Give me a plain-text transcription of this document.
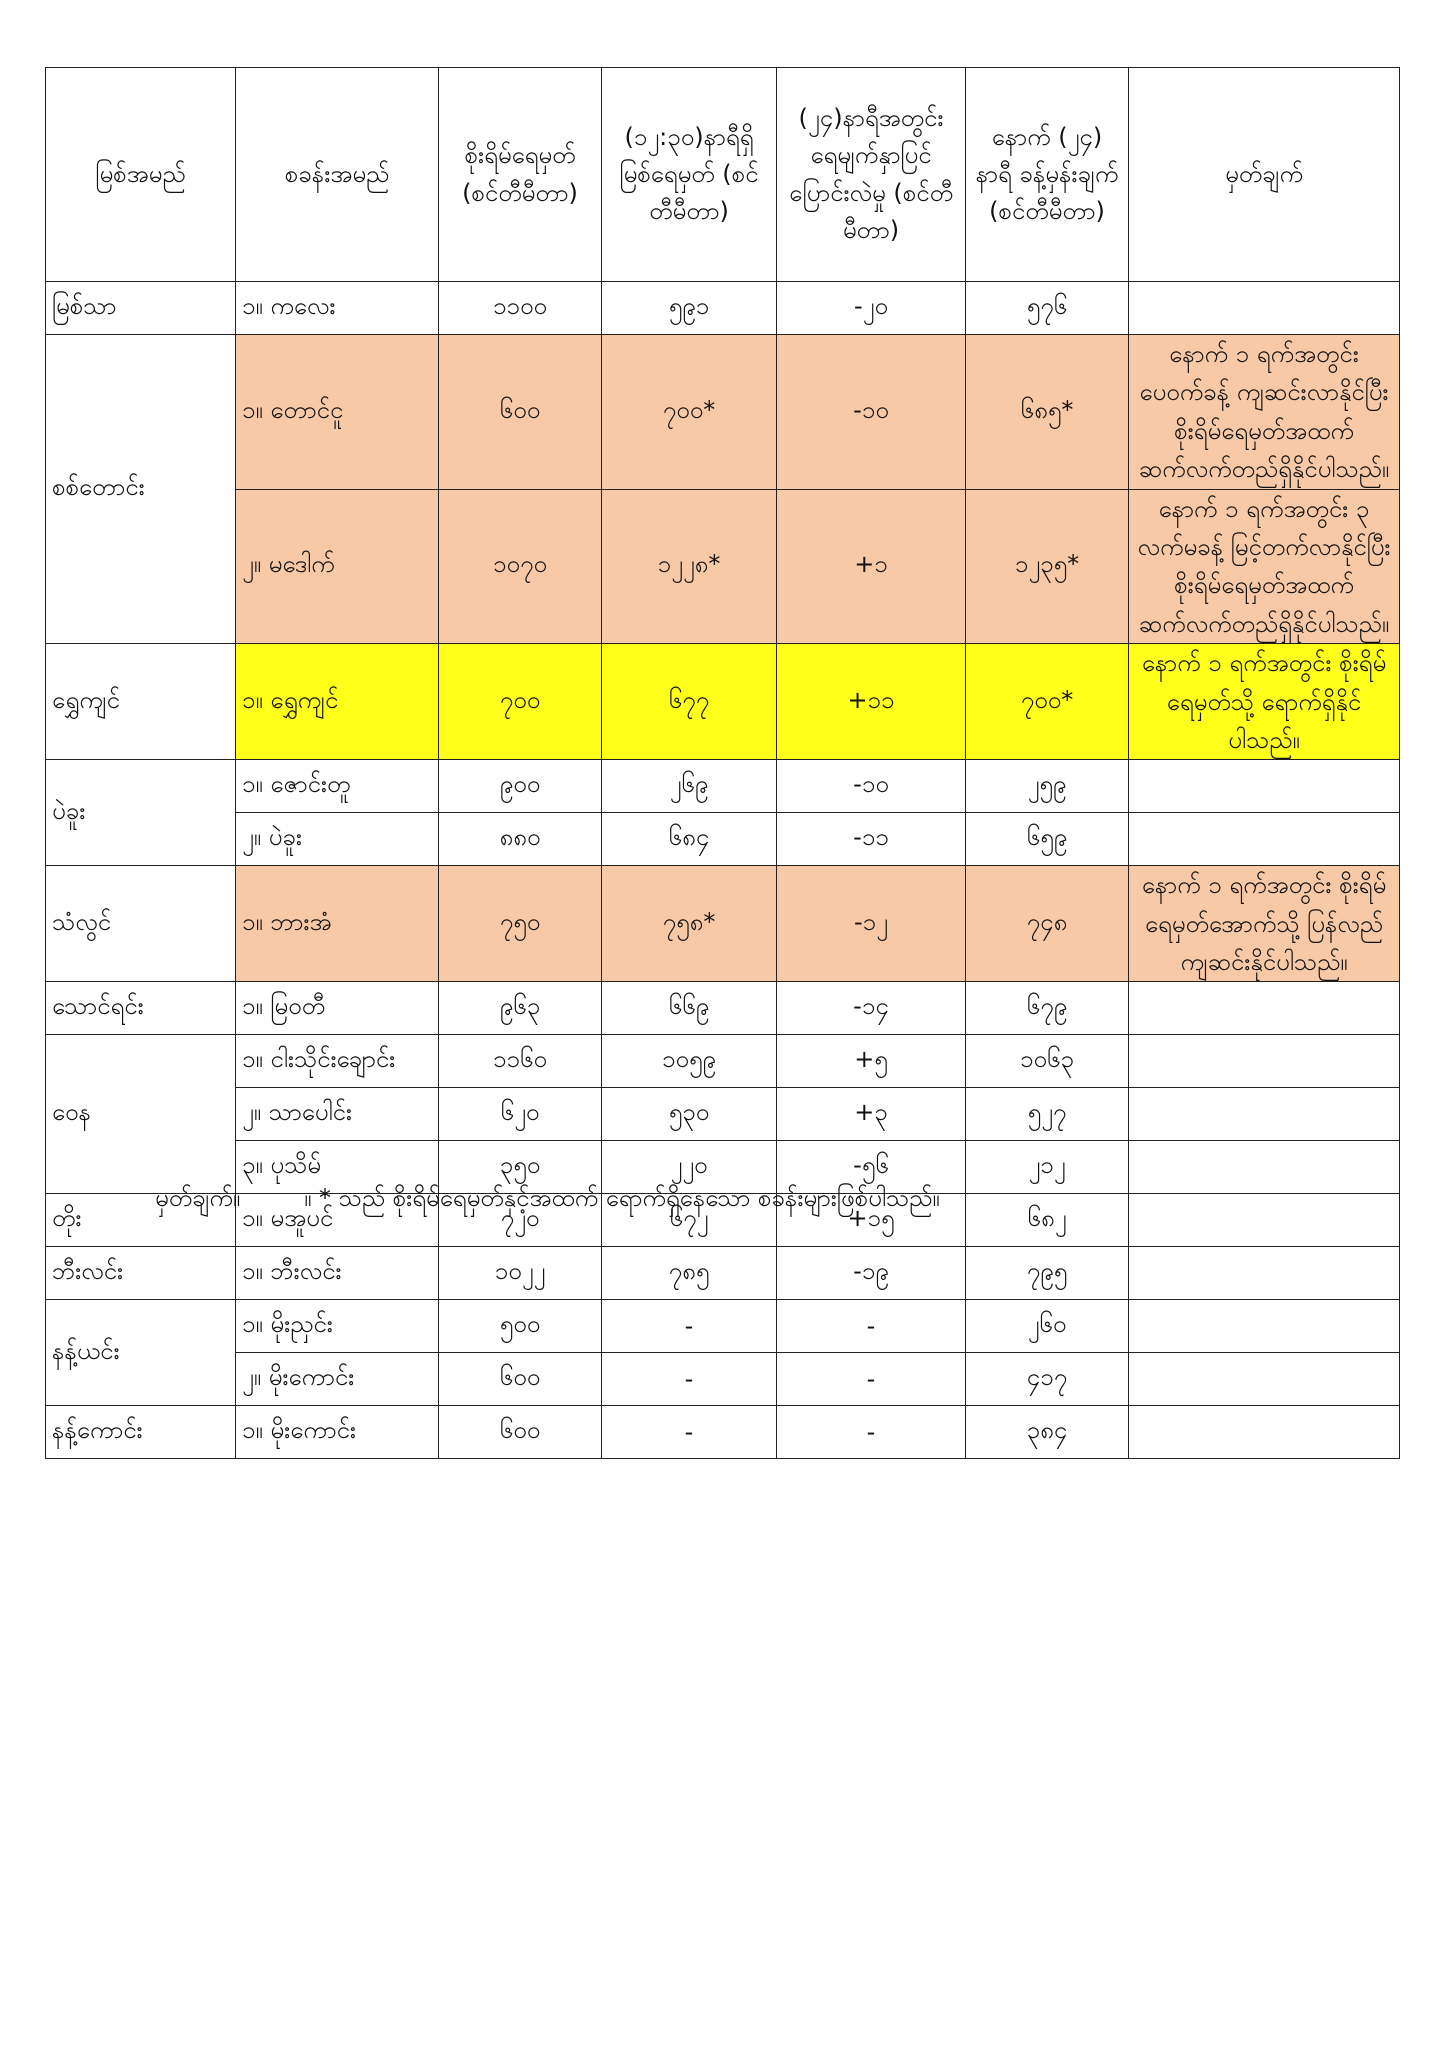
မြစ်အမည်	စခန်းအမည်	စိုးရိမ်ရေမှတ် (စင်တီမီတာ)	(၁၂:၃၀)နာရီရှိ မြစ်ရေမှတ် (စင်တီမီတာ)	(၂၄)နာရီအတွင်း ရေမျက်နှာပြင် ပြောင်းလဲမှု (စင်တီမီတာ)	နောက် (၂၄) နာရီ ခန့်မှန်းချက် (စင်တီမီတာ)	မှတ်ချက်
မြစ်သာ	၁။ ကလေး	၁၁၀၀	၅၉၁	-၂၀	၅၇၆	
စစ်တောင်း	၁။ တောင်ငူ	၆၀၀	၇၀၀*	-၁၀	၆၈၅*	နောက် ၁ ရက်အတွင်း ပေ၀က်ခန့် ကျဆင်းလာနိုင်ပြီး စိုးရိမ်ရေမှတ်အထက် ဆက်လက်တည်ရှိနိုင်ပါသည်။
	၂။ မဒေါက်	၁၀၇၀	၁၂၂၈*	+၁	၁၂၃၅*	နောက် ၁ ရက်အတွင်း ၃ လက်မခန့် မြင့်တက်လာနိုင်ပြီး စိုးရိမ်ရေမှတ်အထက် ဆက်လက်တည်ရှိနိုင်ပါသည်။
ရွှေကျင်	၁။ ရွှေကျင်	၇၀၀	၆၇၇	+၁၁	၇၀၀*	နောက် ၁ ရက်အတွင်း စိုးရိမ်ရေမှတ်သို့ ရောက်ရှိနိုင်ပါသည်။
ပဲခူး	၁။ ဇောင်းတူ	၉၀၀	၂၆၉	-၁၀	၂၅၉	
	၂။ ပဲခူး	၈၈၀	၆၈၄	-၁၁	၆၅၉	
သံလွင်	၁။ ဘားအံ	၇၅၀	၇၅၈*	-၁၂	၇၄၈	နောက် ၁ ရက်အတွင်း စိုးရိမ်ရေမှတ်အောက်သို့ ပြန်လည်ကျဆင်းနိုင်ပါသည်။
သောင်ရင်း	၁။ မြ၀တီ	၉၆၃	၆၆၉	-၁၄	၆၇၉	
ဝေန	၁။ ငါးသိုင်းချောင်း	၁၁၆၀	၁၀၅၉	+၅	၁၀၆၃	
	၂။ သာပေါင်း	၆၂၀	၅၃၀	+၃	၅၂၇	
	၃။ ပုသိမ်	၃၅၀	၂၂၀	-၅၆	၂၁၂	
တိုး	၁။ မအူပင်	၇၂၀	၆၇၂	+၁၅	၆၈၂	
ဘီးလင်း	၁။ ဘီးလင်း	၁၀၂၂	၇၈၅	-၁၉	၇၉၅	
နန့်ယင်း	၁။ မိုးညှင်း	၅၀၀	-	-	၂၆၀	
	၂။ မိုးကောင်း	၆၀၀	-	-	၄၁၇	
နန့်ကောင်း	၁။ မိုးကောင်း	၆၀၀	-	-	၃၈၄	
မှတ်ချက်။	။ * သည် စိုးရိမ်ရေမှတ်နှင့်အထက် ရောက်ရှိနေသော စခန်းများဖြစ်ပါသည်။
